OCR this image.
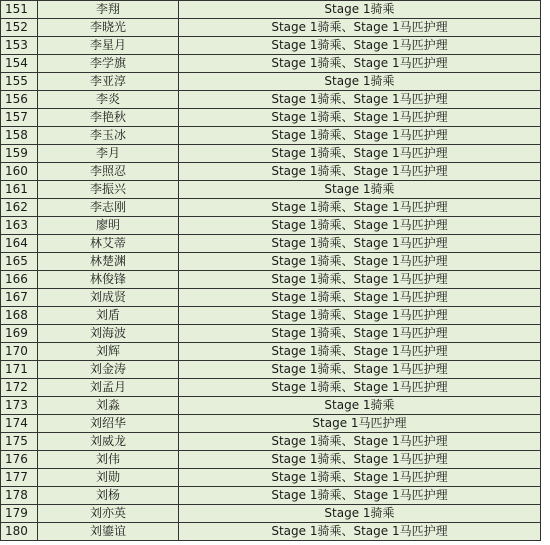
151	李翔	Stage 1骑乘
152	李晓光	Stage 1骑乘、Stage 1马匹护理
153	李星月	Stage 1骑乘、Stage 1马匹护理
154	李学旗	Stage 1骑乘、Stage 1马匹护理
155	李亚淳	Stage 1骑乘
156	李炎	Stage 1骑乘、Stage 1马匹护理
157	李艳秋	Stage 1骑乘、Stage 1马匹护理
158	李玉冰	Stage 1骑乘、Stage 1马匹护理
159	李月	Stage 1骑乘、Stage 1马匹护理
160	李照忍	Stage 1骑乘、Stage 1马匹护理
161	李振兴	Stage 1骑乘
162	李志刚	Stage 1骑乘、Stage 1马匹护理
163	廖明	Stage 1骑乘、Stage 1马匹护理
164	林艾蒂	Stage 1骑乘、Stage 1马匹护理
165	林楚渊	Stage 1骑乘、Stage 1马匹护理
166	林俊锋	Stage 1骑乘、Stage 1马匹护理
167	刘成贤	Stage 1骑乘、Stage 1马匹护理
168	刘盾	Stage 1骑乘、Stage 1马匹护理
169	刘海波	Stage 1骑乘、Stage 1马匹护理
170	刘辉	Stage 1骑乘、Stage 1马匹护理
171	刘金涛	Stage 1骑乘、Stage 1马匹护理
172	刘孟月	Stage 1骑乘、Stage 1马匹护理
173	刘淼	Stage 1骑乘
174	刘绍华	Stage 1马匹护理
175	刘威龙	Stage 1骑乘、Stage 1马匹护理
176	刘伟	Stage 1骑乘、Stage 1马匹护理
177	刘勋	Stage 1骑乘、Stage 1马匹护理
178	刘杨	Stage 1骑乘、Stage 1马匹护理
179	刘亦英	Stage 1骑乘
180	刘鎏谊	Stage 1骑乘、Stage 1马匹护理
